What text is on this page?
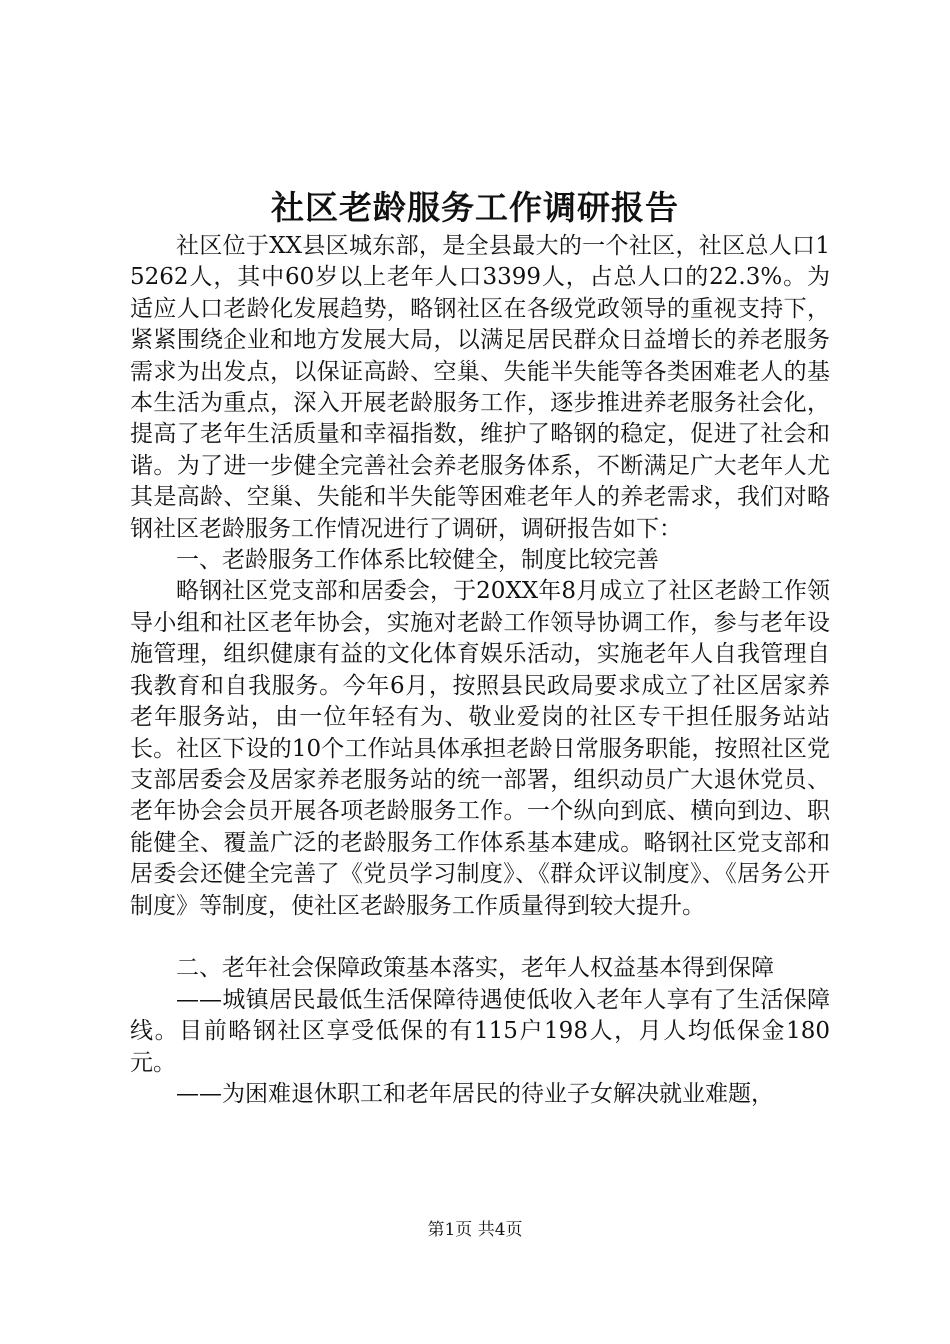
社区老龄服务工作调研报告

社区位于XX县区城东部，是全县最大的一个社区，社区总人口15262人，其中60岁以上老年人口3399人，占总人口的22.3%。为适应人口老龄化发展趋势，略钢社区在各级党政领导的重视支持下，紧紧围绕企业和地方发展大局，以满足居民群众日益增长的养老服务需求为出发点，以保证高龄、空巢、失能半失能等各类困难老人的基本生活为重点，深入开展老龄服务工作，逐步推进养老服务社会化，提高了老年生活质量和幸福指数，维护了略钢的稳定，促进了社会和谐。为了进一步健全完善社会养老服务体系，不断满足广大老年人尤其是高龄、空巢、失能和半失能等困难老年人的养老需求，我们对略钢社区老龄服务工作情况进行了调研，调研报告如下：

一、老龄服务工作体系比较健全，制度比较完善

略钢社区党支部和居委会，于20XX年8月成立了社区老龄工作领导小组和社区老年协会，实施对老龄工作领导协调工作，参与老年设施管理，组织健康有益的文化体育娱乐活动，实施老年人自我管理自我教育和自我服务。今年6月，按照县民政局要求成立了社区居家养老年服务站，由一位年轻有为、敬业爱岗的社区专干担任服务站站长。社区下设的10个工作站具体承担老龄日常服务职能，按照社区党支部居委会及居家养老服务站的统一部署，组织动员广大退休党员、老年协会会员开展各项老龄服务工作。一个纵向到底、横向到边、职能健全、覆盖广泛的老龄服务工作体系基本建成。略钢社区党支部和居委会还健全完善了《党员学习制度》、《群众评议制度》、《居务公开制度》等制度，使社区老龄服务工作质量得到较大提升。

二、老年社会保障政策基本落实，老年人权益基本得到保障

——城镇居民最低生活保障待遇使低收入老年人享有了生活保障线。目前略钢社区享受低保的有115户198人，月人均低保金180元。

——为困难退休职工和老年居民的待业子女解决就业难题，

第1页 共4页
